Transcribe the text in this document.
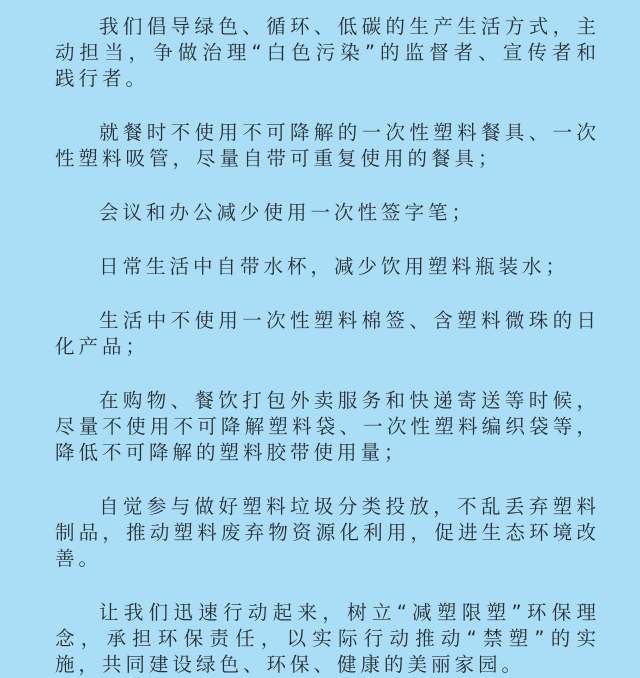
我们倡导绿色、循环、低碳的生产生活方式，主动担当，争做治理“白色污染”的监督者、宣传者和践行者。

就餐时不使用不可降解的一次性塑料餐具、一次性塑料吸管，尽量自带可重复使用的餐具；

会议和办公减少使用一次性签字笔；

日常生活中自带水杯，减少饮用塑料瓶装水；

生活中不使用一次性塑料棉签、含塑料微珠的日化产品；

在购物、餐饮打包外卖服务和快递寄送等时候，尽量不使用不可降解塑料袋、一次性塑料编织袋等，降低不可降解的塑料胶带使用量；

自觉参与做好塑料垃圾分类投放，不乱丢弃塑料制品，推动塑料废弃物资源化利用，促进生态环境改善。

让我们迅速行动起来，树立“减塑限塑”环保理念，承担环保责任，以实际行动推动“禁塑”的实施，共同建设绿色、环保、健康的美丽家园。
